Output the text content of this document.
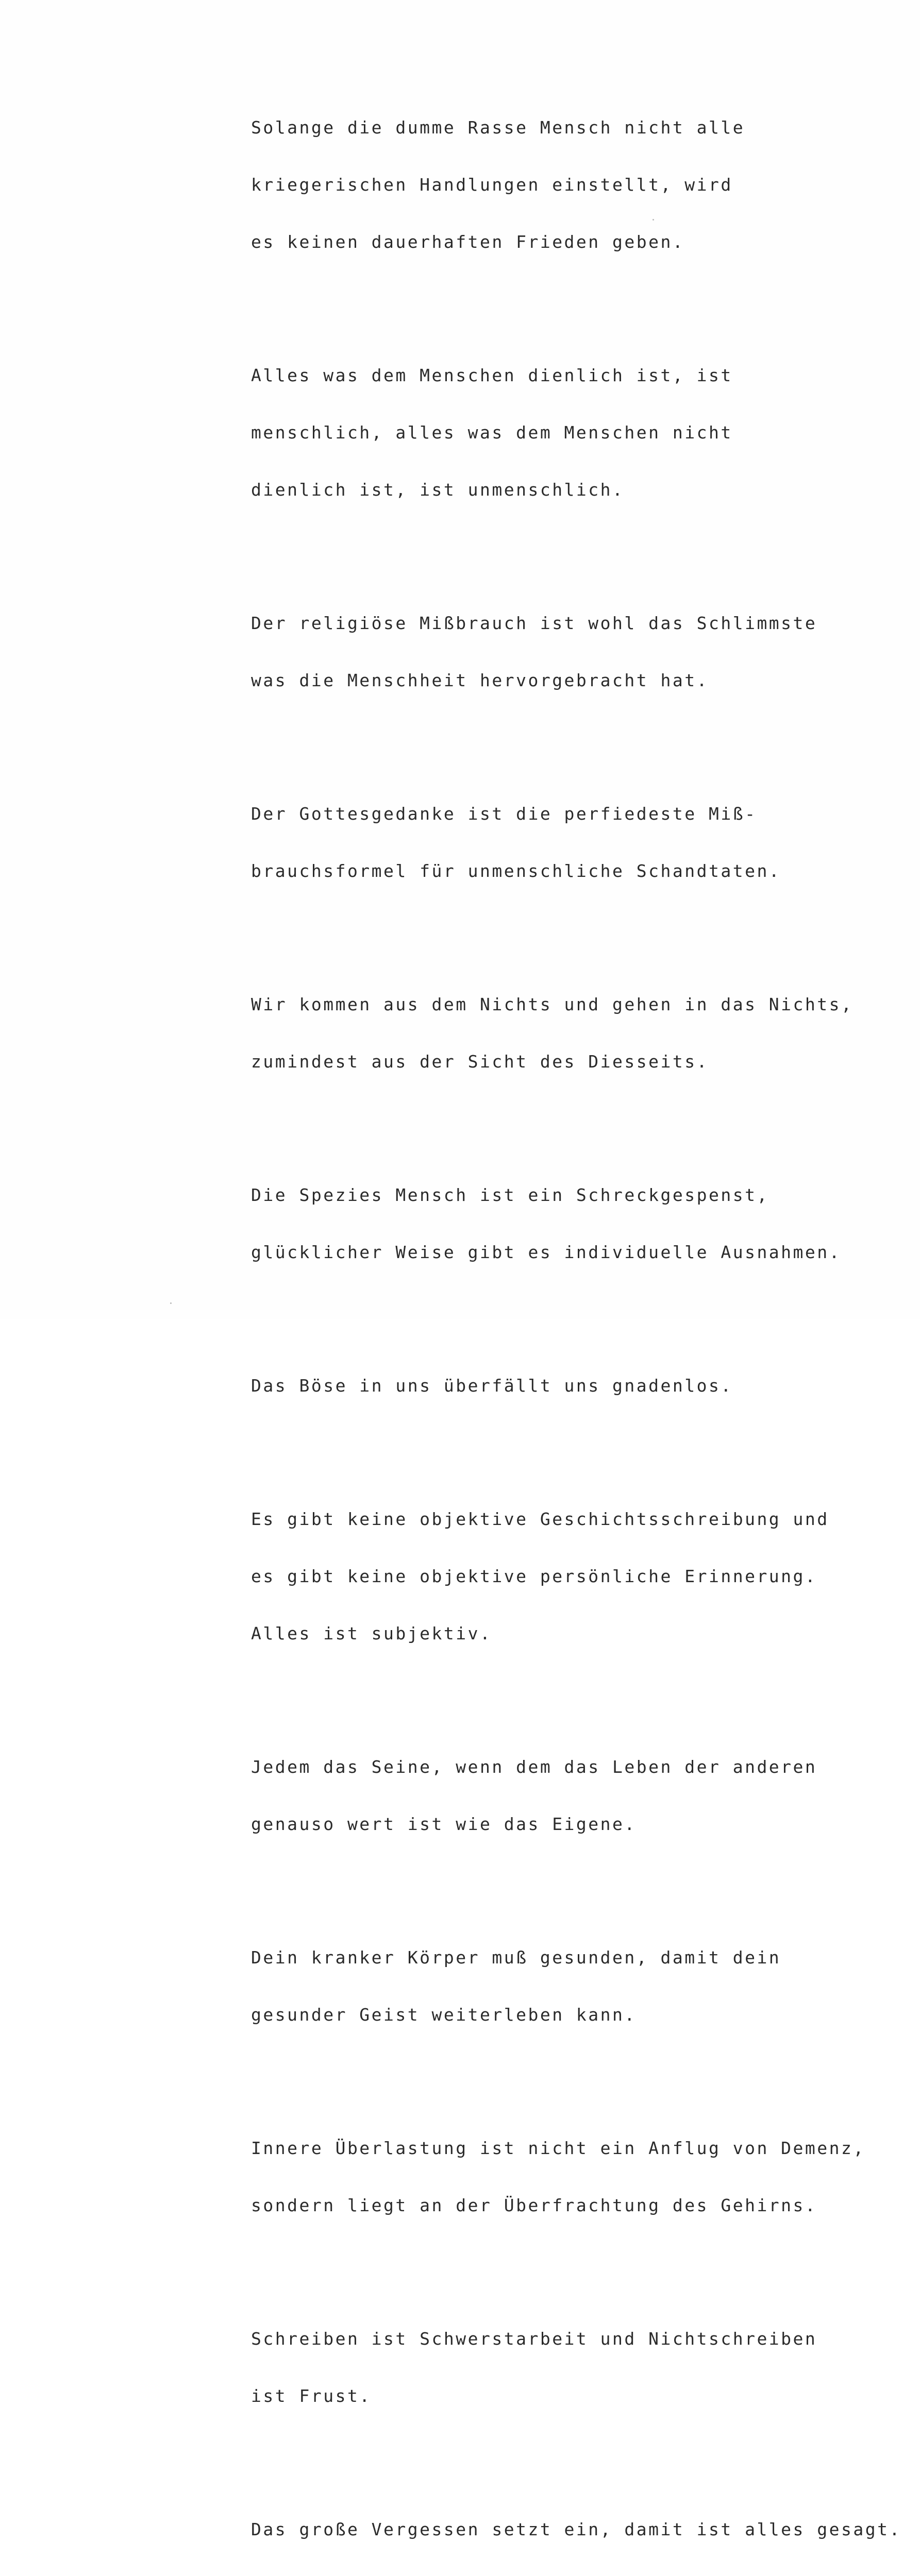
Solange die dumme Rasse Mensch nicht alle

kriegerischen Handlungen einstellt, wird

es keinen dauerhaften Frieden geben.

Alles was dem Menschen dienlich ist, ist

menschlich, alles was dem Menschen nicht

dienlich ist, ist unmenschlich.

Der religiöse Mißbrauch ist wohl das Schlimmste

was die Menschheit hervorgebracht hat.

Der Gottesgedanke ist die perfiedeste Miß-

brauchsformel für unmenschliche Schandtaten.

Wir kommen aus dem Nichts und gehen in das Nichts,

zumindest aus der Sicht des Diesseits.

Die Spezies Mensch ist ein Schreckgespenst,

glücklicher Weise gibt es individuelle Ausnahmen.

Das Böse in uns überfällt uns gnadenlos.

Es gibt keine objektive Geschichtsschreibung und

es gibt keine objektive persönliche Erinnerung.

Alles ist subjektiv.

Jedem das Seine, wenn dem das Leben der anderen

genauso wert ist wie das Eigene.

Dein kranker Körper muß gesunden, damit dein

gesunder Geist weiterleben kann.

Innere Überlastung ist nicht ein Anflug von Demenz,

sondern liegt an der Überfrachtung des Gehirns.

Schreiben ist Schwerstarbeit und Nichtschreiben

ist Frust.

Das große Vergessen setzt ein, damit ist alles gesagt.
